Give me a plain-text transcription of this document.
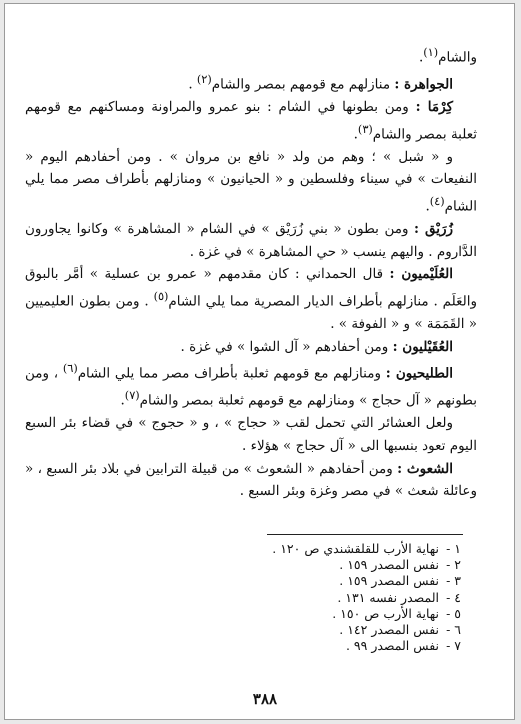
والشام$^{(١)}$.

الجواهرة : منازلهم مع قومهم بمصر والشام$^{(٢)}$ .

كِرْمَا : ومن بطونها في الشام : بنو عمرو والمراونة ومساكنهم مع قومهم ثعلبة بمصر والشام$^{(٣)}$.

و « شبل » ؛ وهم من ولد « نافع بن مروان » . ومن أحفادهم اليوم « النفيعات » في سيناء وفلسطين و « الحيانيون » ومنازلهم بأطراف مصر مما يلي الشام$^{(٤)}$.

زُرَيْق : ومن بطون « بني زُرَيْق » في الشام « المشاهرة » وكانوا يجاورون الدَّاروم . واليهم ينسب « حي المشاهرة » في غزة .

العُلَيْميون : قال الحمداني : كان مقدمهم « عمرو بن عسلية » أمَّر بالبوق والعَلَم . منازلهم بأطراف الديار المصرية مما يلي الشام$^{(٥)}$ . ومن بطون العليميين « القَمَمَة » و « الفوفة » .

العُقَيْليون : ومن أحفادهم « آل الشوا » في غزة .

الطليحيون : ومنازلهم مع قومهم ثعلبة بأطراف مصر مما يلي الشام$^{(٦)}$ ، ومن بطونهم « آل حجاج » ومنازلهم مع قومهم ثعلبة بمصر والشام$^{(٧)}$.

ولعل العشائر التي تحمل لقب « حجاج » ، و « حجوج » في قضاء بئر السبع اليوم تعود بنسبها الى « آل حجاج » هؤلاء .

الشعوث : ومن أحفادهم « الشعوث » من قبيلة الترابين في بلاد بئر السبع ، « وعائلة شعث » في مصر وغزة وبئر السبع .

١ -
نهاية الأرب للقلقشندي ص ١٢٠ .
٢ -
نفس المصدر ١٥٩ .
٣ -
نفس المصدر ١٥٩ .
٤ -
المصدر نفسه ١٣١ .
٥ -
نهاية الأرب ص ١٥٠ .
٦ -
نفس المصدر ١٤٢ .
٧ -
نفس المصدر ٩٩ .
٣٨٨
